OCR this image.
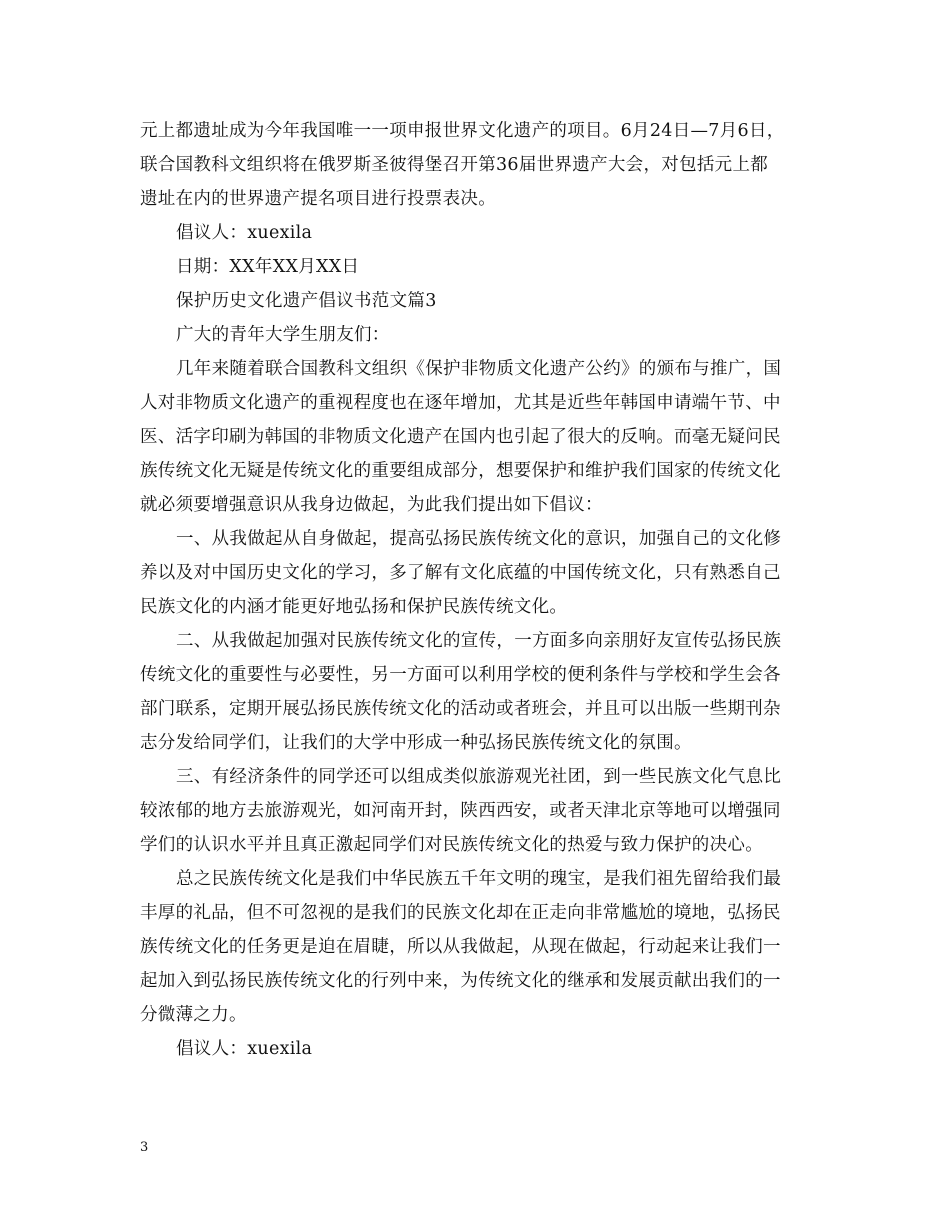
元上都遗址成为今年我国唯一一项申报世界文化遗产的项目。6月24日—7月6日，
联合国教科文组织将在俄罗斯圣彼得堡召开第36届世界遗产大会，对包括元上都
遗址在内的世界遗产提名项目进行投票表决。
倡议人：xuexila
日期：XX年XX月XX日
保护历史文化遗产倡议书范文篇3
广大的青年大学生朋友们：
几年来随着联合国教科文组织《保护非物质文化遗产公约》的颁布与推广，国
人对非物质文化遗产的重视程度也在逐年增加，尤其是近些年韩国申请端午节、中
医、活字印刷为韩国的非物质文化遗产在国内也引起了很大的反响。而毫无疑问民
族传统文化无疑是传统文化的重要组成部分，想要保护和维护我们国家的传统文化
就必须要增强意识从我身边做起，为此我们提出如下倡议：
一、从我做起从自身做起，提高弘扬民族传统文化的意识，加强自己的文化修
养以及对中国历史文化的学习，多了解有文化底蕴的中国传统文化，只有熟悉自己
民族文化的内涵才能更好地弘扬和保护民族传统文化。
二、从我做起加强对民族传统文化的宣传，一方面多向亲朋好友宣传弘扬民族
传统文化的重要性与必要性，另一方面可以利用学校的便利条件与学校和学生会各
部门联系，定期开展弘扬民族传统文化的活动或者班会，并且可以出版一些期刊杂
志分发给同学们，让我们的大学中形成一种弘扬民族传统文化的氛围。
三、有经济条件的同学还可以组成类似旅游观光社团，到一些民族文化气息比
较浓郁的地方去旅游观光，如河南开封，陕西西安，或者天津北京等地可以增强同
学们的认识水平并且真正激起同学们对民族传统文化的热爱与致力保护的决心。
总之民族传统文化是我们中华民族五千年文明的瑰宝，是我们祖先留给我们最
丰厚的礼品，但不可忽视的是我们的民族文化却在正走向非常尴尬的境地，弘扬民
族传统文化的任务更是迫在眉睫，所以从我做起，从现在做起，行动起来让我们一
起加入到弘扬民族传统文化的行列中来，为传统文化的继承和发展贡献出我们的一
分微薄之力。
倡议人：xuexila
3
